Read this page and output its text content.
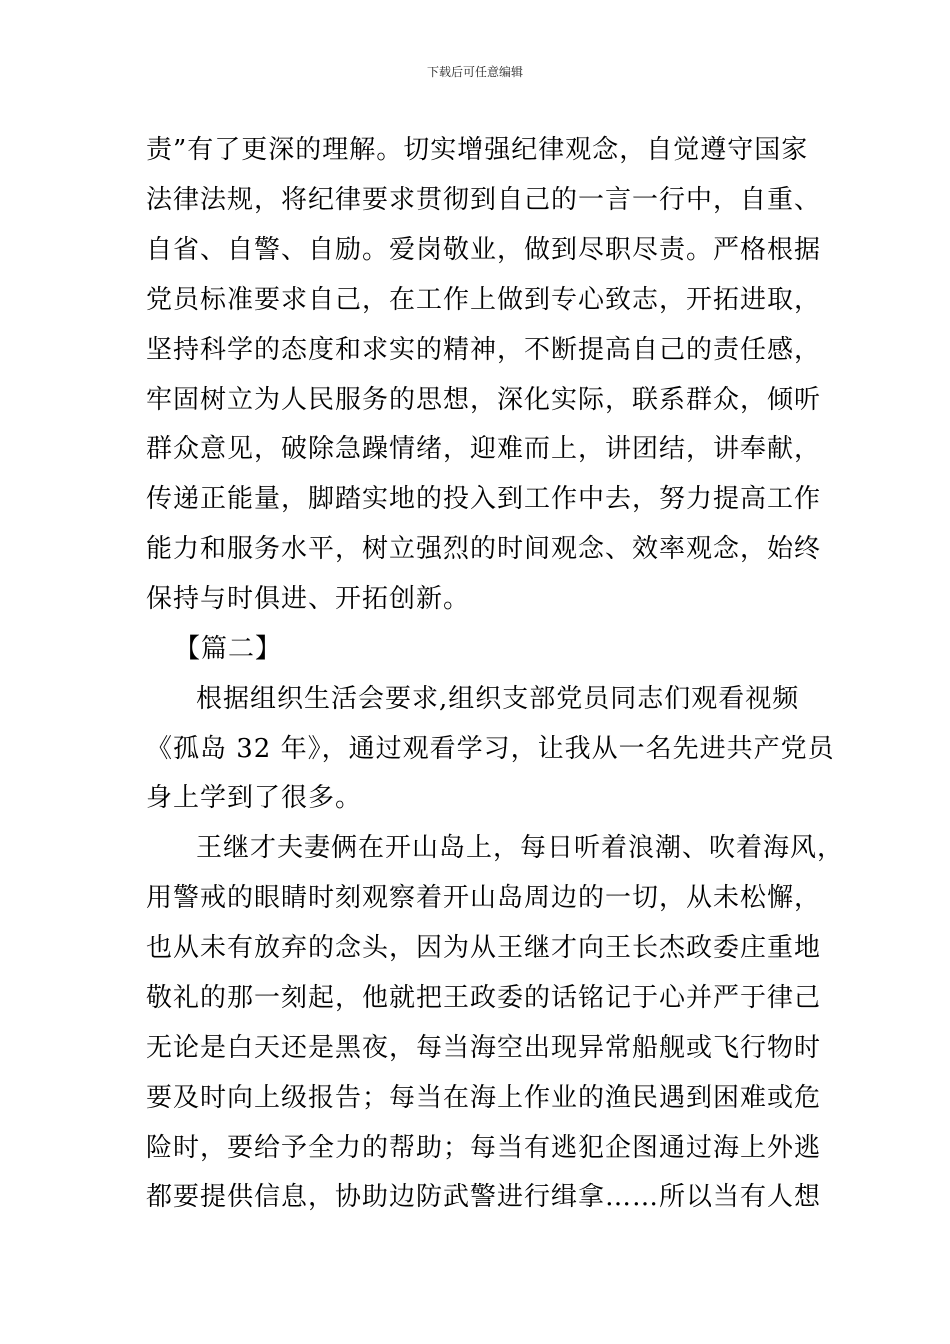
下载后可任意编辑
责”有了更深的理解。切实增强纪律观念，自觉遵守国家
法律法规，将纪律要求贯彻到自己的一言一行中，自重、
自省、自警、自励。爱岗敬业，做到尽职尽责。严格根据
党员标准要求自己，在工作上做到专心致志，开拓进取，
坚持科学的态度和求实的精神，不断提高自己的责任感，
牢固树立为人民服务的思想，深化实际，联系群众，倾听
群众意见，破除急躁情绪，迎难而上，讲团结，讲奉献，
传递正能量，脚踏实地的投入到工作中去，努力提高工作
能力和服务水平，树立强烈的时间观念、效率观念，始终
保持与时俱进、开拓创新。
【篇二】
根据组织生活会要求,组织支部党员同志们观看视频
《孤岛 32 年》，通过观看学习，让我从一名先进共产党员
身上学到了很多。
王继才夫妻俩在开山岛上，每日听着浪潮、吹着海风，
用警戒的眼睛时刻观察着开山岛周边的一切，从未松懈，
也从未有放弃的念头，因为从王继才向王长杰政委庄重地
敬礼的那一刻起，他就把王政委的话铭记于心并严于律己
无论是白天还是黑夜，每当海空出现异常船舰或飞行物时
要及时向上级报告；每当在海上作业的渔民遇到困难或危
险时，要给予全力的帮助；每当有逃犯企图通过海上外逃
都要提供信息，协助边防武警进行缉拿……所以当有人想
